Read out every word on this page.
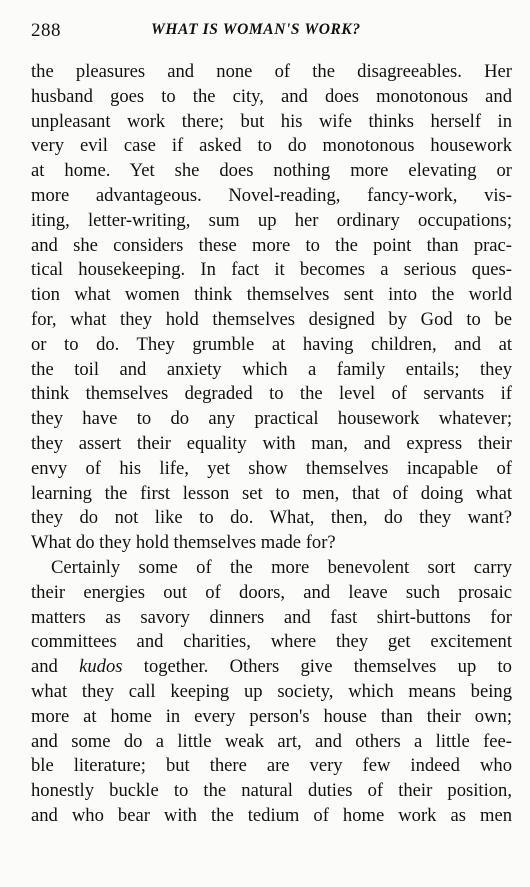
288	WHAT IS WOMAN'S WORK?
the pleasures and none of the disagreeables. Her
husband goes to the city, and does monotonous and
unpleasant work there; but his wife thinks herself in
very evil case if asked to do monotonous housework
at home. Yet she does nothing more elevating or
more advantageous. Novel-reading, fancy-work, vis-
iting, letter-writing, sum up her ordinary occupations;
and she considers these more to the point than prac-
tical housekeeping. In fact it becomes a serious ques-
tion what women think themselves sent into the world
for, what they hold themselves designed by God to be
or to do. They grumble at having children, and at
the toil and anxiety which a family entails; they
think themselves degraded to the level of servants if
they have to do any practical housework whatever;
they assert their equality with man, and express their
envy of his life, yet show themselves incapable of
learning the first lesson set to men, that of doing what
they do not like to do. What, then, do they want?
What do they hold themselves made for?
Certainly some of the more benevolent sort carry
their energies out of doors, and leave such prosaic
matters as savory dinners and fast shirt-buttons for
committees and charities, where they get excitement
and kudos together. Others give themselves up to
what they call keeping up society, which means being
more at home in every person's house than their own;
and some do a little weak art, and others a little fee-
ble literature; but there are very few indeed who
honestly buckle to the natural duties of their position,
and who bear with the tedium of home work as men
